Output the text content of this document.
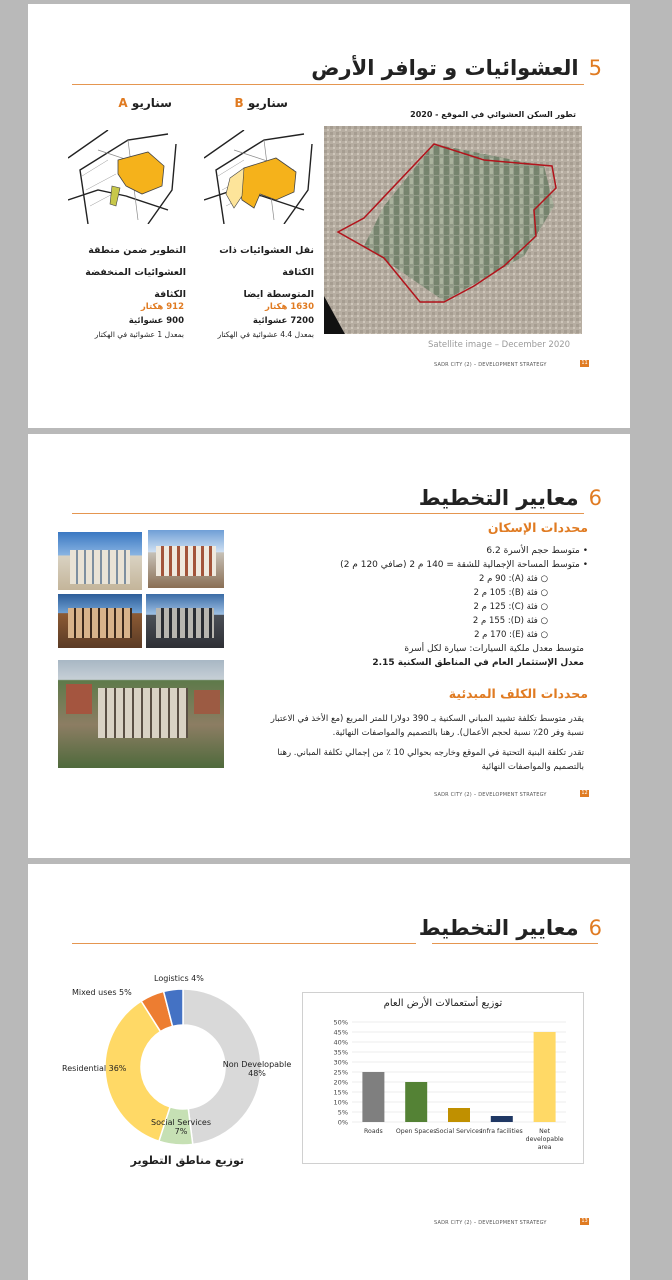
5العشوائيات و توافر الأرض
سناريو B
سناريو A
نقل العشوائيات ذات الكثافة
المتوسطة ايضا
التطوير ضمن منطقة
العشوائيات المنخفضة الكثافة
1630 هكتار
7200 عشوائية
بمعدل 4.4 عشوائية في الهكتار
912 هكتار
900 عشوائية
بمعدل 1 عشوائية في الهكتار
تطور السكن العشوائي في الموقع - 2020
Satellite image – December 2020
SADR CITY (2) – DEVELOPMENT STRATEGY	11
6معايير التخطيط
محددات الإسكان
• متوسط حجم الأسرة 6.2
• متوسط المساحة الإجمالية للشقة = 140 م 2 (صافي 120 م 2)
○ فئة (A): 90 م 2
○ فئة (B): 105 م 2
○ فئة (C): 125 م 2
○ فئة (D): 155 م 2
○ فئة (E): 170 م 2
متوسط معدل ملكية السيارات: سيارة لكل أسرة
معدل الإستثمار العام في المناطق السكنية 2.15
محددات الكلف المبدئية
يقدر متوسط تكلفة تشييد المباني السكنية بـ 390 دولارا للمتر المربع (مع الأخذ في الاعتبار نسبة وفر 20٪ نسبة لحجم الأعمال). رهنا بالتصميم والمواصفات النهائية.
تقدر تكلفة البنية التحتية في الموقع وخارجه بحوالي 10 ٪ من إجمالي تكلفة المباني. رهنا بالتصميم والمواصفات النهائية
SADR CITY (2) – DEVELOPMENT STRATEGY	12
6معايير التخطيط
Logistics 4%
Mixed uses 5%
Residential 36%	Non Developable
48%
Social Services
7%
توزيع مناطق التطوير
0%
5%
10%
15%
20%
25%
30%
35%
40%
45%
50%
Roads Open Spaces Social Services
Infra facilities	Net
developable
area
توزيع أستعمالات الأرض العام
SADR CITY (2) – DEVELOPMENT STRATEGY	13
